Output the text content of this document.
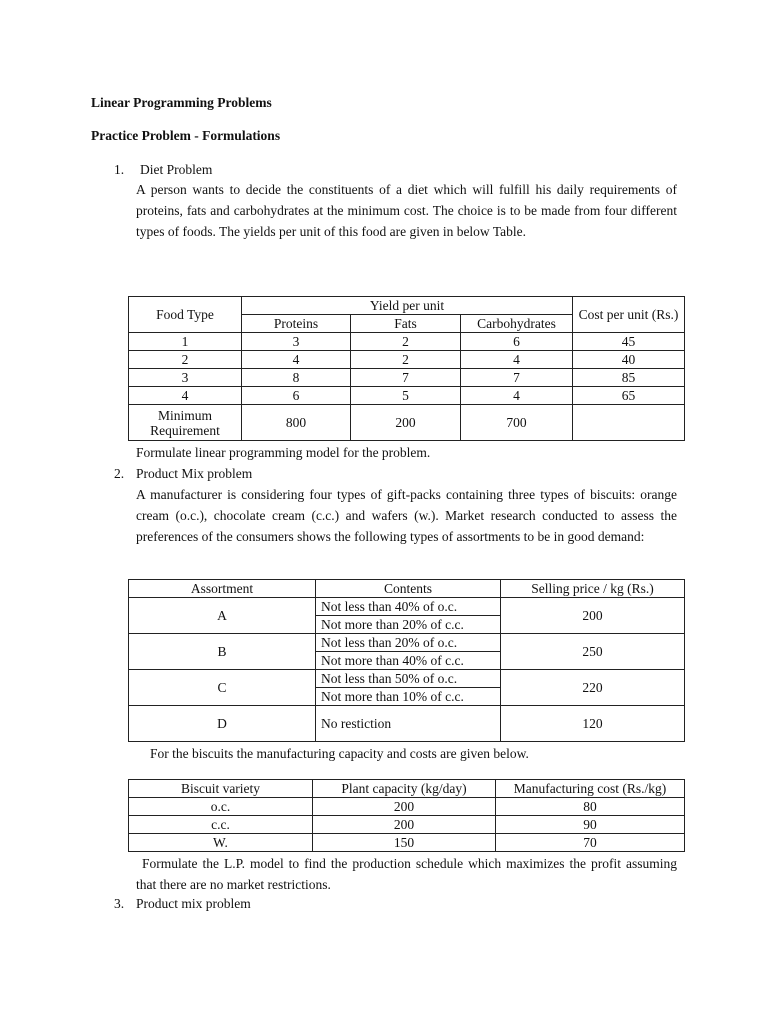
Linear Programming Problems
Practice Problem - Formulations
1. Diet Problem

A person wants to decide the constituents of a diet which will fulfill his daily requirements of proteins, fats and carbohydrates at the minimum cost. The choice is to be made from four different types of foods. The yields per unit of this food are given in below Table.

Food Type	Yield per unit			Cost per unit (Rs.)
	Proteins	Fats	Carbohydrates	
1	3	2	6	45
2	4	2	4	40
3	8	7	7	85
4	6	5	4	65
Minimum Requirement	800	200	700	
Formulate linear programming model for the problem.
2. Product Mix problem

A manufacturer is considering four types of gift-packs containing three types of biscuits: orange cream (o.c.), chocolate cream (c.c.) and wafers (w.). Market research conducted to assess the preferences of the consumers shows the following types of assortments to be in good demand:

Assortment	Contents	Selling price / kg (Rs.)
A	Not less than 40% of o.c.	200
	Not more than 20% of c.c.	
B	Not less than 20% of o.c.	250
	Not more than 40% of c.c.	
C	Not less than 50% of o.c.	220
	Not more than 10% of c.c.	
D	No restiction	120
For the biscuits the manufacturing capacity and costs are given below.
Biscuit variety	Plant capacity (kg/day)	Manufacturing cost (Rs./kg)
o.c.	200	80
c.c.	200	90
W.	150	70

Formulate the L.P. model to find the production schedule which maximizes the profit assuming that there are no market restrictions.

3. Product mix problem
